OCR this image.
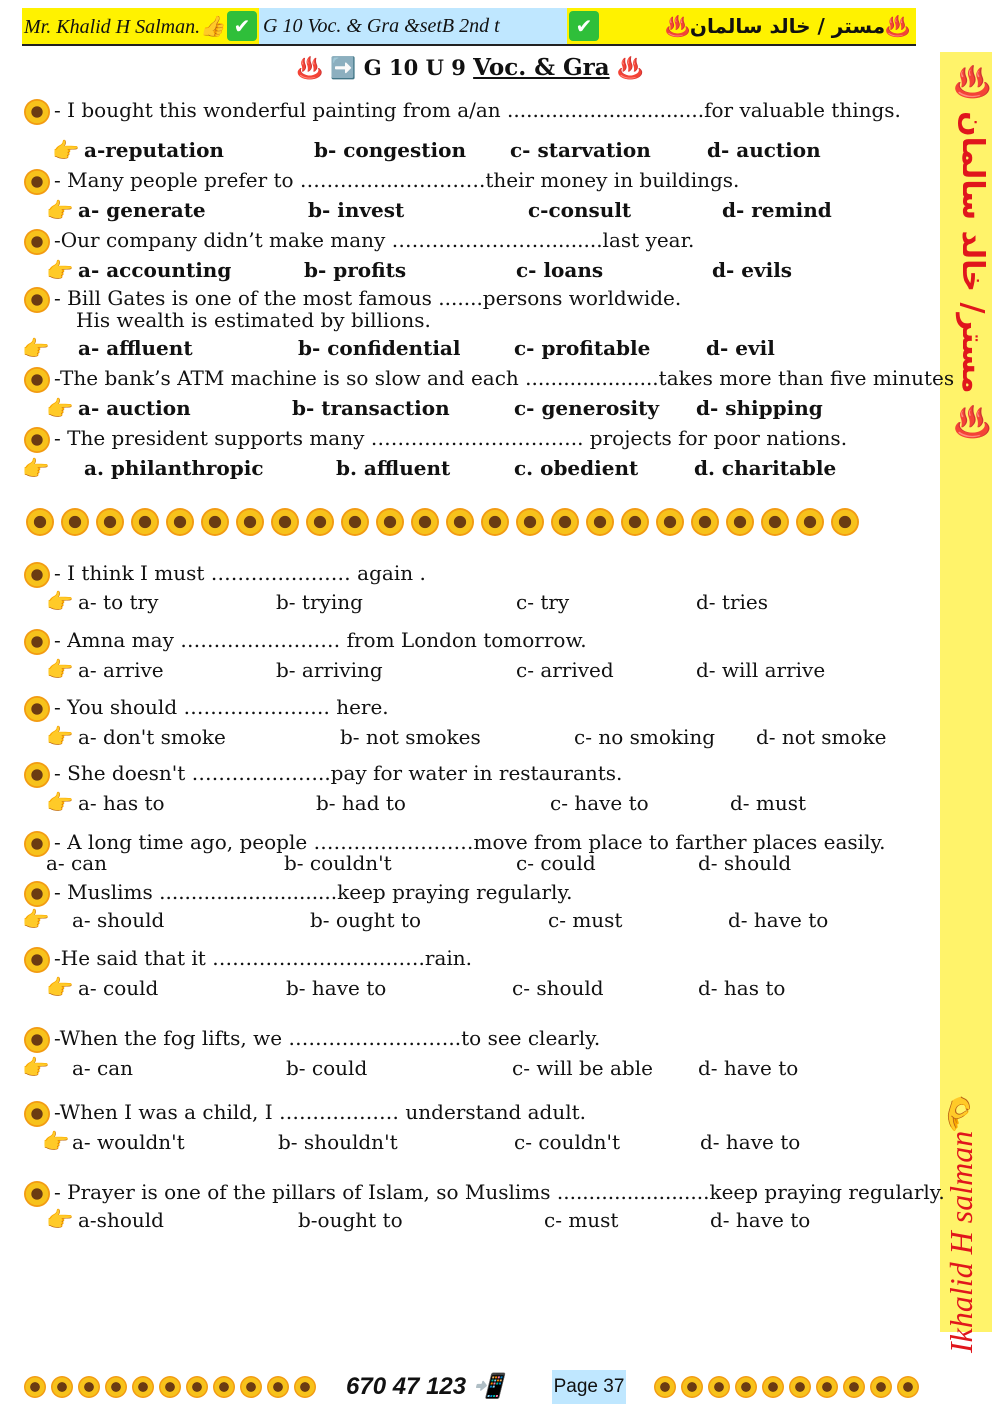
Mr. Khalid H Salman.👍 ✔ G 10 Voc. & Gra &setB 2nd t	✔	♨️مستر / خالد سالمان♨️
♨️ مستر/ خالد سالمان ♨️
Ikhalid H salman👌
♨️ ➡️ G 10 U 9 Voc. & Gra ♨️
- I bought this wonderful painting from a/an ...............................for valuable things.
👉 a-reputation	b- congestion c- starvation	d- auction
- Many people prefer to ……….…..………….their money in buildings.
👉 a- generate	b- invest	c-consult	d- remind
-Our company didn’t make many ……………………........last year.
👉 a- accounting	b- profits	c- loans	d- evils
- Bill Gates is one of the most famous .......persons worldwide.
His wealth is estimated by billions.
👉 a- affluent	b- confidential	c- profitable	d- evil
-The bank’s ATM machine is so slow and each .....................takes more than five minutes
👉 a- auction	b- transaction	c- generosity d- shipping
- The president supports many ………………………….. projects for poor nations.
👉 a. philanthropic	b. affluent	c. obedient	d. charitable
- I think I must ………………… again .
👉 a- to try	b- trying	c- try	d- tries
- Amna may …………………… from London tomorrow.
👉 a- arrive	b- arriving	c- arrived	d- will arrive
- You should …………………. here.
👉 a- don't smoke	b- not smokes	c- no smoking d- not smoke
- She doesn't ………….……..pay for water in restaurants.
👉 a- has to	b- had to	c- have to	d- must
- A long time ago, people ……………………move from place to farther places easily.
a- can	b- couldn't	c- could	d- should
- Muslims ............................keep praying regularly.
👉 a- should	b- ought to	c- must	d- have to
-He said that it ……………………….….rain.
👉 a- could	b- have to	c- should	d- has to
-When the fog lifts, we ……………………..to see clearly.
👉 a- can	b- could	c- will be able d- have to
-When I was a child, I ……………… understand adult.
👉 a- wouldn't	b- shouldn't	c- couldn't	d- have to
- Prayer is one of the pillars of Islam, so Muslims ........................keep praying regularly.
👉 a-should	b-ought to	c- must	d- have to
670 47 123 📲	Page 37
